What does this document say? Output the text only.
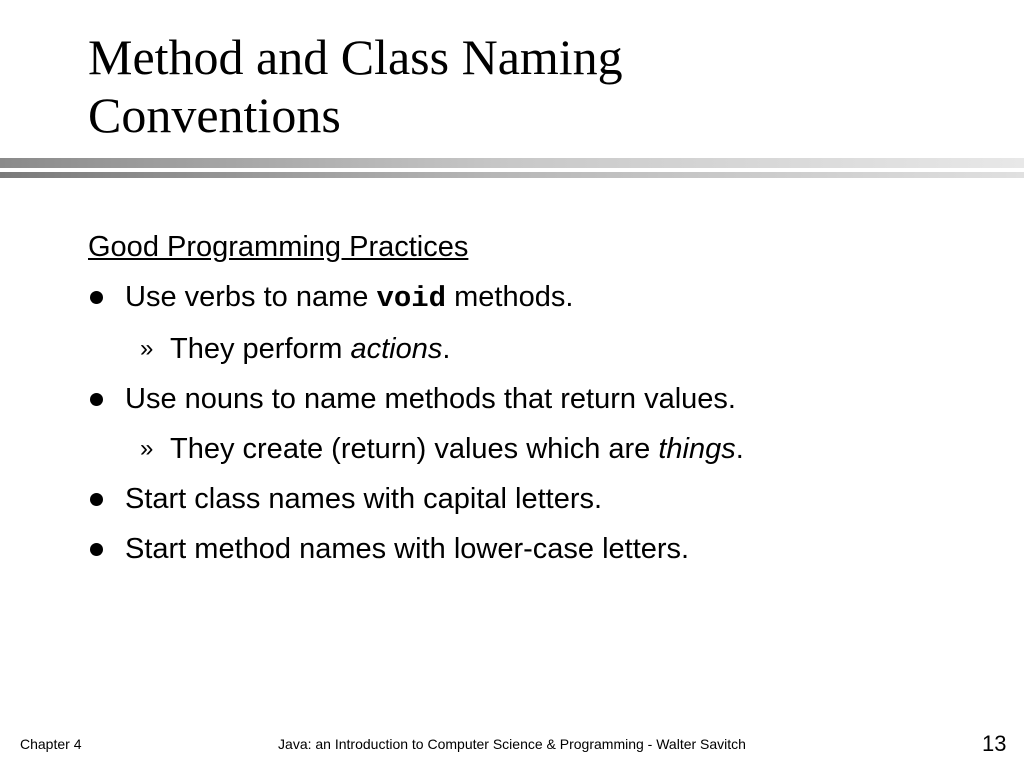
Method and Class Naming
Conventions
Good Programming Practices
Use verbs to name void methods.
» They perform actions.
Use nouns to name methods that return values.
» They create (return) values which are things.
Start class names with capital letters.
Start method names with lower-case letters.
Chapter 4	Java: an Introduction to Computer Science & Programming - Walter Savitch	13
